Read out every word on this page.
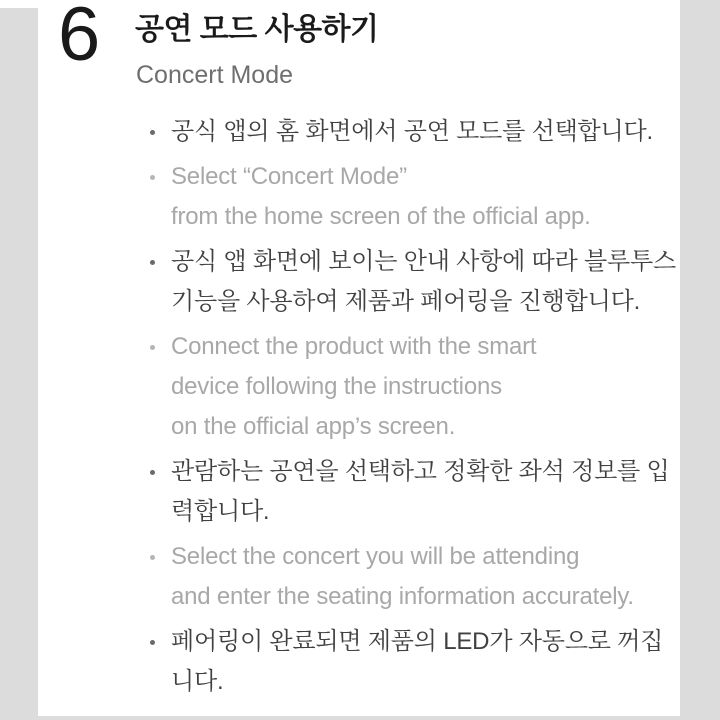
6 공연 모드 사용하기
Concert Mode
공식 앱의 홈 화면에서 공연 모드를 선택합니다.
Select “Concert Mode”
from the home screen of the official app.
공식 앱 화면에 보이는 안내 사항에 따라 블루투스
기능을 사용하여 제품과 페어링을 진행합니다.
Connect the product with the smart
device following the instructions
on the official app’s screen.
관람하는 공연을 선택하고 정확한 좌석 정보를 입
력합니다.
Select the concert you will be attending
and enter the seating information accurately.
페어링이 완료되면 제품의 LED가 자동으로 꺼집
니다.
